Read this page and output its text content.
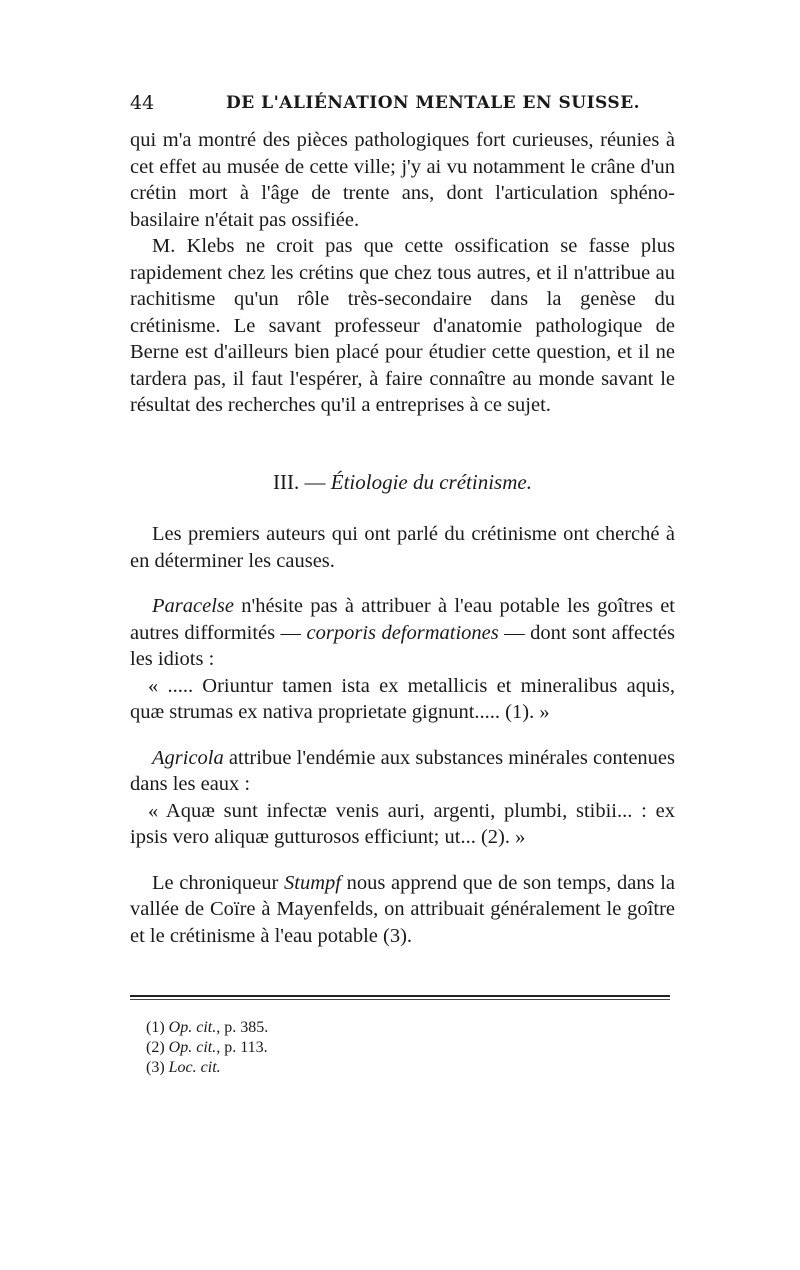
44	DE L'ALIÉNATION MENTALE EN SUISSE.

qui m'a montré des pièces pathologiques fort curieuses, réunies à cet effet au musée de cette ville; j'y ai vu notamment le crâne d'un crétin mort à l'âge de trente ans, dont l'articulation sphéno-basilaire n'était pas ossifiée.

M. Klebs ne croit pas que cette ossification se fasse plus rapidement chez les crétins que chez tous autres, et il n'attribue au rachitisme qu'un rôle très-secondaire dans la genèse du crétinisme. Le savant professeur d'anatomie pathologique de Berne est d'ailleurs bien placé pour étudier cette question, et il ne tardera pas, il faut l'espérer, à faire connaître au monde savant le résultat des recherches qu'il a entreprises à ce sujet.

III. — Étiologie du crétinisme.

Les premiers auteurs qui ont parlé du crétinisme ont cherché à en déterminer les causes.

Paracelse n'hésite pas à attribuer à l'eau potable les goîtres et autres difformités — corporis deformationes — dont sont affectés les idiots :

« ..... Oriuntur tamen ista ex metallicis et mineralibus aquis, quæ strumas ex nativa proprietate gignunt..... (1). »

Agricola attribue l'endémie aux substances minérales contenues dans les eaux :

« Aquæ sunt infectæ venis auri, argenti, plumbi, stibii... : ex ipsis vero aliquæ gutturosos efficiunt; ut... (2). »

Le chroniqueur Stumpf nous apprend que de son temps, dans la vallée de Coïre à Mayenfelds, on attribuait généralement le goître et le crétinisme à l'eau potable (3).

(1) Op. cit., p. 385.
(2) Op. cit., p. 113.
(3) Loc. cit.
